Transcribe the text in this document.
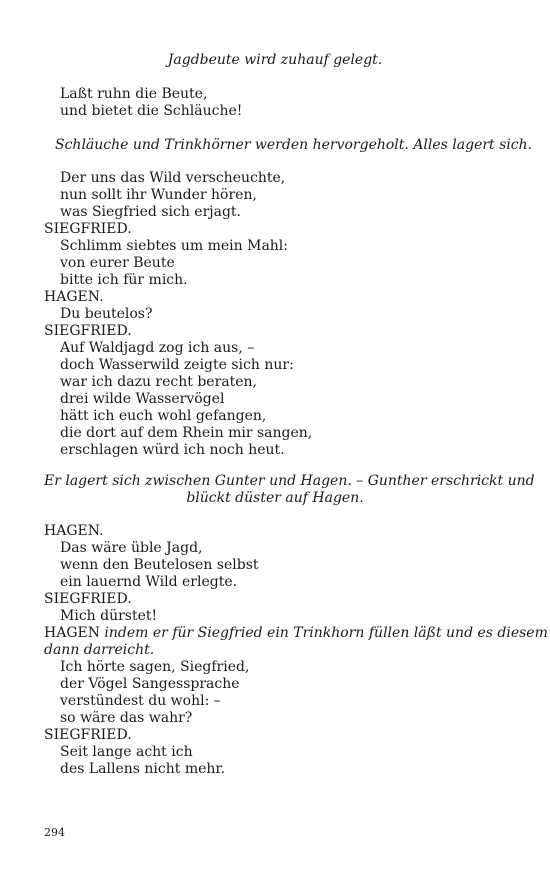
Jagdbeute wird zuhauf gelegt.
Laßt ruhn die Beute,
und bietet die Schläuche!
Schläuche und Trinkhörner werden hervorgeholt. Alles lagert sich.
Der uns das Wild verscheuchte,
nun sollt ihr Wunder hören,
was Siegfried sich erjagt.
SIEGFRIED.
Schlimm siebtes um mein Mahl:
von eurer Beute
bitte ich für mich.
HAGEN.
Du beutelos?
SIEGFRIED.
Auf Waldjagd zog ich aus, –
doch Wasserwild zeigte sich nur:
war ich dazu recht beraten,
drei wilde Wasservögel
hätt ich euch wohl gefangen,
die dort auf dem Rhein mir sangen,
erschlagen würd ich noch heut.
Er lagert sich zwischen Gunter und Hagen. – Gunther erschrickt und
blückt düster auf Hagen.
HAGEN.
Das wäre üble Jagd,
wenn den Beutelosen selbst
ein lauernd Wild erlegte.
SIEGFRIED.
Mich dürstet!
HAGEN indem er für Siegfried ein Trinkhorn füllen läßt und es diesem
dann darreicht.
Ich hörte sagen, Siegfried,
der Vögel Sangessprache
verstündest du wohl: –
so wäre das wahr?
SIEGFRIED.
Seit lange acht ich
des Lallens nicht mehr.
294
